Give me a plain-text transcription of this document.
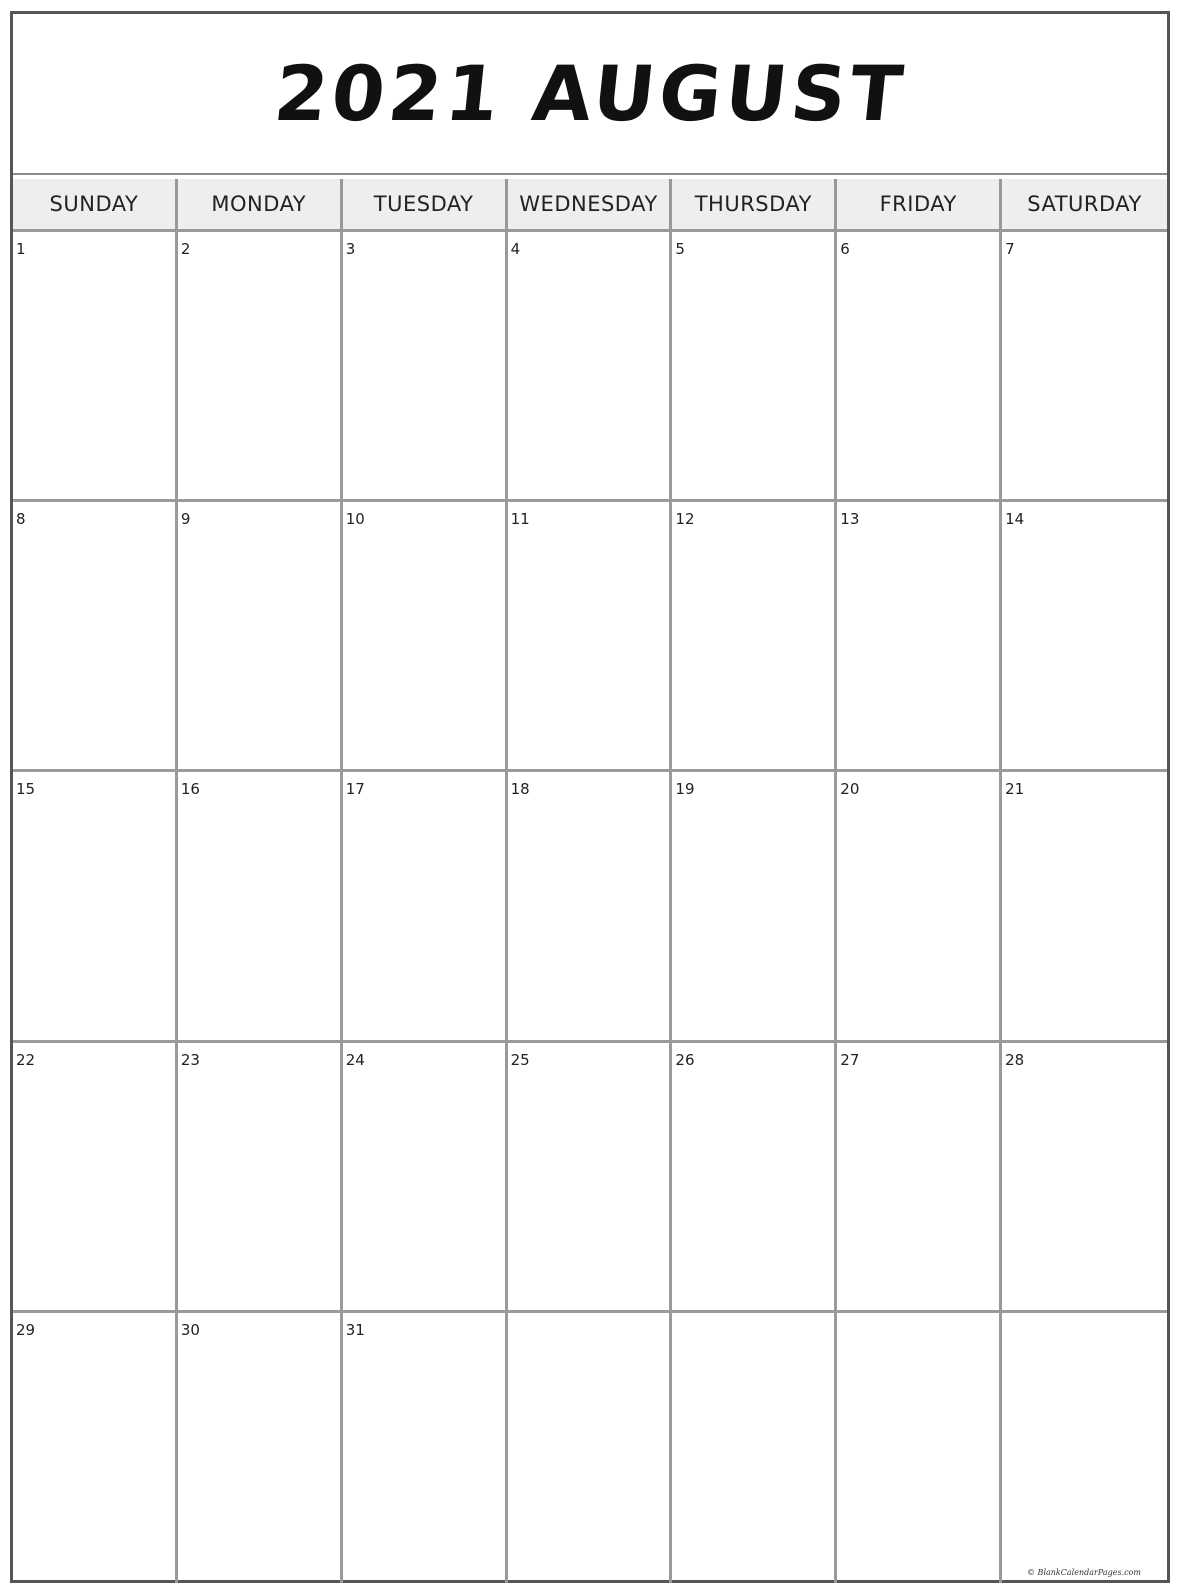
2021 AUGUST
SUNDAY	MONDAY	TUESDAY	WEDNESDAY	THURSDAY	FRIDAY	SATURDAY
1	2	3	4	5	6	7
8	9	10	11	12	13	14
15	16	17	18	19	20	21
22	23	24	25	26	27	28
29	30	31
© BlankCalendarPages.com
